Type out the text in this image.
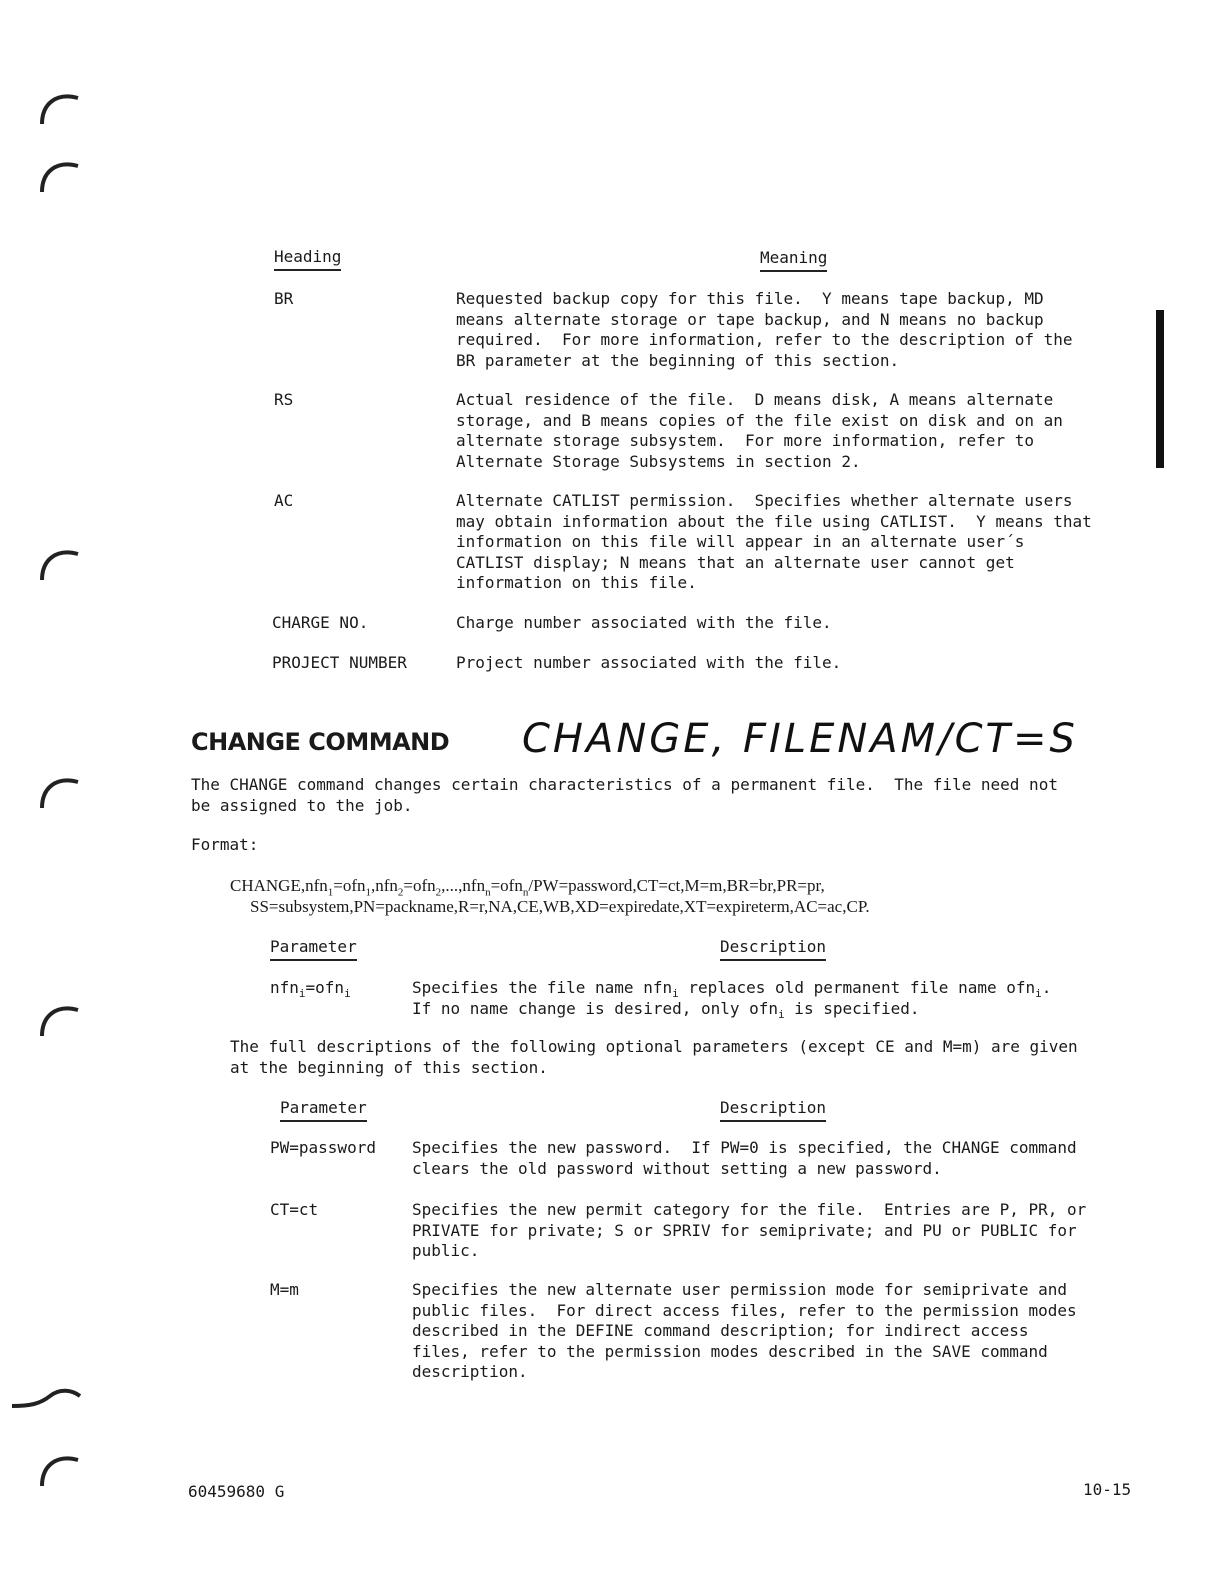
Heading	Meaning
BR	Requested backup copy for this file.  Y means tape backup, MD
means alternate storage or tape backup, and N means no backup
required.  For more information, refer to the description of the
BR parameter at the beginning of this section.
RS	Actual residence of the file.  D means disk, A means alternate
storage, and B means copies of the file exist on disk and on an
alternate storage subsystem.  For more information, refer to
Alternate Storage Subsystems in section 2.
AC	Alternate CATLIST permission.  Specifies whether alternate users
may obtain information about the file using CATLIST.  Y means that
information on this file will appear in an alternate user´s
CATLIST display; N means that an alternate user cannot get
information on this file.
CHARGE NO.	Charge number associated with the file.
PROJECT NUMBER	Project number associated with the file.
CHANGE COMMAND CHANGE, FILENAM/CT=S
The CHANGE command changes certain characteristics of a permanent file.  The file need not
be assigned to the job.
Format:
CHANGE,nfn$_1$=ofn$_1$,nfn$_2$=ofn$_2$,...,nfn$_n$=ofn$_n$/PW=password,CT=ct,M=m,BR=br,PR=pr,
SS=subsystem,PN=packname,R=r,NA,CE,WB,XD=expiredate,XT=expireterm,AC=ac,CP.
Parameter	Description
nfn$_i$=ofn$_i$	Specifies the file name nfn$_i$ replaces old permanent file name ofn$_i$.
If no name change is desired, only ofn$_i$ is specified.
The full descriptions of the following optional parameters (except CE and M=m) are given
at the beginning of this section.
Parameter	Description
PW=password Specifies the new password.  If PW=0 is specified, the CHANGE command
clears the old password without setting a new password.
CT=ct	Specifies the new permit category for the file.  Entries are P, PR, or
PRIVATE for private; S or SPRIV for semiprivate; and PU or PUBLIC for
public.
M=m	Specifies the new alternate user permission mode for semiprivate and
public files.  For direct access files, refer to the permission modes
described in the DEFINE command description; for indirect access
files, refer to the permission modes described in the SAVE command
description.
60459680 G	10-15
